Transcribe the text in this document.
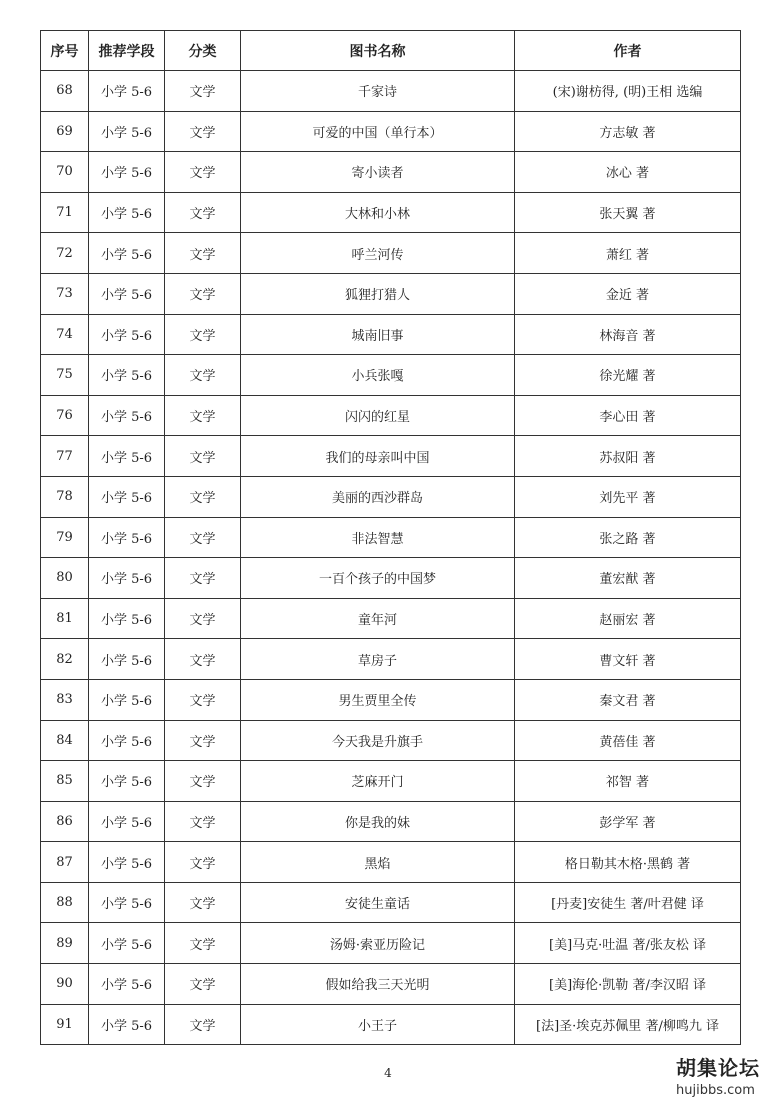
序号	推荐学段	分类	图书名称	作者
68	小学 5-6	文学	千家诗	(宋)谢枋得, (明)王相 选编
69	小学 5-6	文学	可爱的中国（单行本）	方志敏 著
70	小学 5-6	文学	寄小读者	冰心 著
71	小学 5-6	文学	大林和小林	张天翼 著
72	小学 5-6	文学	呼兰河传	萧红 著
73	小学 5-6	文学	狐狸打猎人	金近 著
74	小学 5-6	文学	城南旧事	林海音 著
75	小学 5-6	文学	小兵张嘎	徐光耀 著
76	小学 5-6	文学	闪闪的红星	李心田 著
77	小学 5-6	文学	我们的母亲叫中国	苏叔阳 著
78	小学 5-6	文学	美丽的西沙群岛	刘先平 著
79	小学 5-6	文学	非法智慧	张之路 著
80	小学 5-6	文学	一百个孩子的中国梦	董宏猷 著
81	小学 5-6	文学	童年河	赵丽宏 著
82	小学 5-6	文学	草房子	曹文轩 著
83	小学 5-6	文学	男生贾里全传	秦文君 著
84	小学 5-6	文学	今天我是升旗手	黄蓓佳 著
85	小学 5-6	文学	芝麻开门	祁智 著
86	小学 5-6	文学	你是我的妹	彭学军 著
87	小学 5-6	文学	黑焰	格日勒其木格·黑鹤 著
88	小学 5-6	文学	安徒生童话	[丹麦]安徒生 著/叶君健 译
89	小学 5-6	文学	汤姆·索亚历险记	[美]马克·吐温 著/张友松 译
90	小学 5-6	文学	假如给我三天光明	[美]海伦·凯勒 著/李汉昭 译
91	小学 5-6	文学	小王子	[法]圣·埃克苏佩里 著/柳鸣九 译
4	胡集论坛
hujibbs.com
